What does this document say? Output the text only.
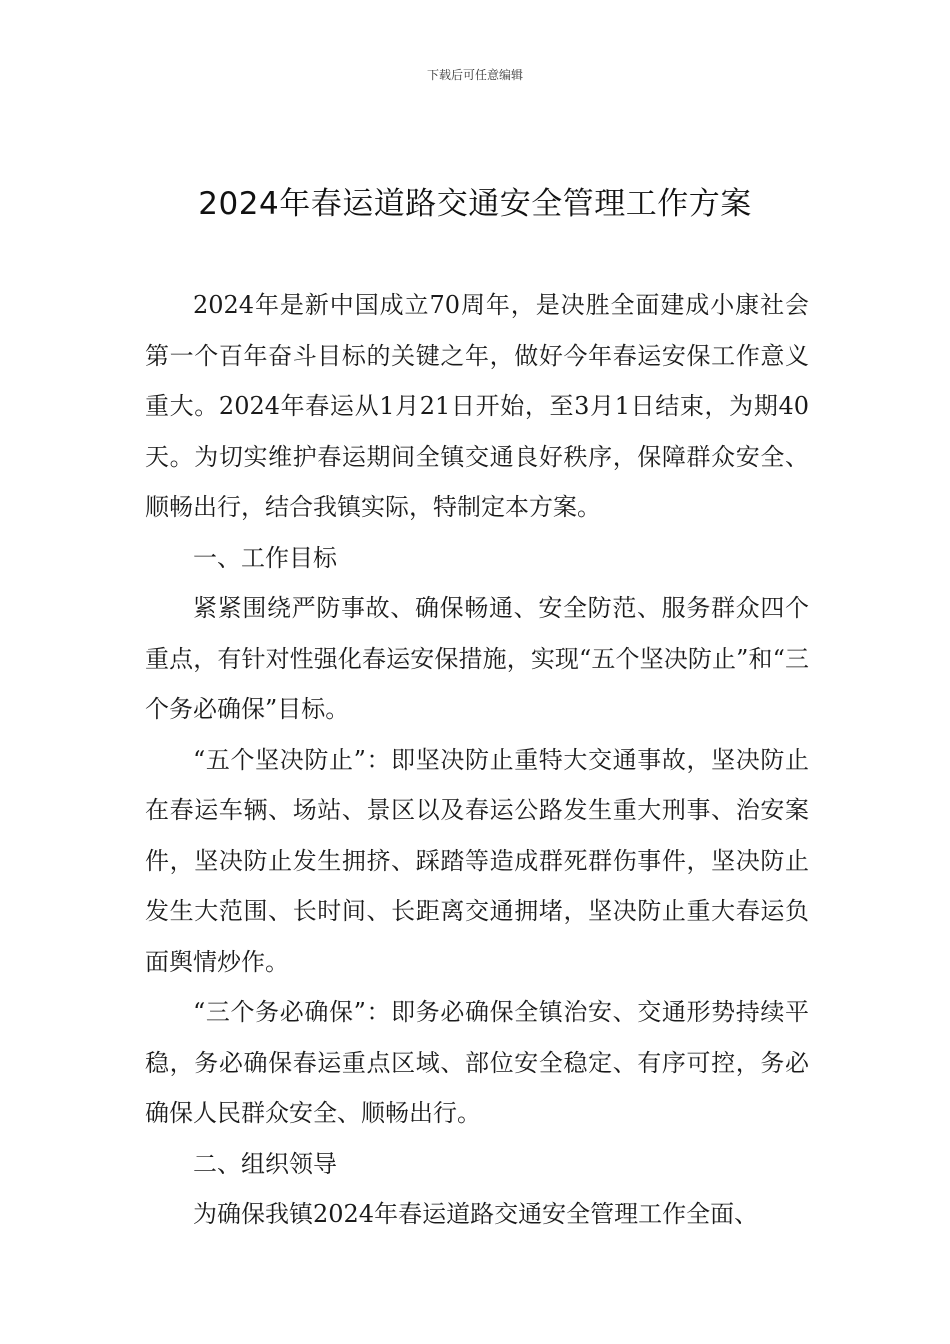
下载后可任意编辑
2024年春运道路交通安全管理工作方案

2024年是新中国成立70周年，是决胜全面建成小康社会第一个百年奋斗目标的关键之年，做好今年春运安保工作意义重大。2024年春运从1月21日开始，至3月1日结束，为期40天。为切实维护春运期间全镇交通良好秩序，保障群众安全、顺畅出行，结合我镇实际，特制定本方案。

一、工作目标

紧紧围绕严防事故、确保畅通、安全防范、服务群众四个重点，有针对性强化春运安保措施，实现“五个坚决防止”和“三个务必确保”目标。

“五个坚决防止”：即坚决防止重特大交通事故，坚决防止在春运车辆、场站、景区以及春运公路发生重大刑事、治安案件，坚决防止发生拥挤、踩踏等造成群死群伤事件，坚决防止发生大范围、长时间、长距离交通拥堵，坚决防止重大春运负面舆情炒作。

“三个务必确保”：即务必确保全镇治安、交通形势持续平稳，务必确保春运重点区域、部位安全稳定、有序可控，务必确保人民群众安全、顺畅出行。

二、组织领导

为确保我镇2024年春运道路交通安全管理工作全面、
